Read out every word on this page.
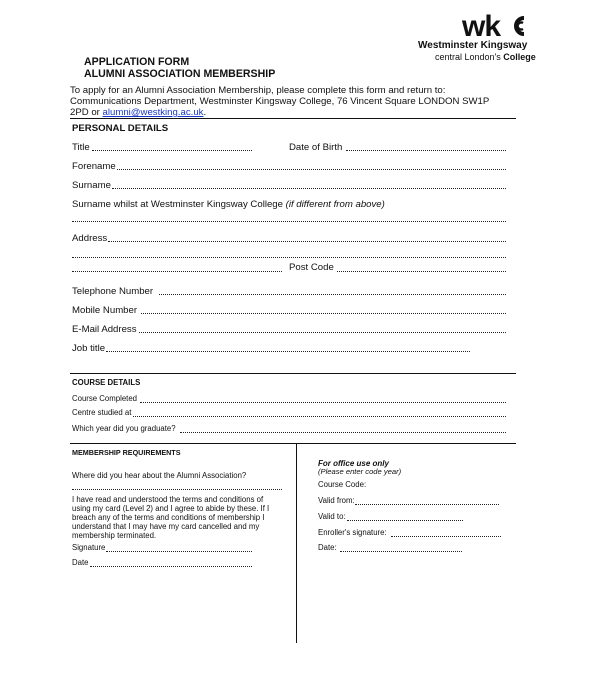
wk
Westminster Kingsway
central London's College
APPLICATION FORM
ALUMNI ASSOCIATION MEMBERSHIP
To apply for an Alumni Association Membership, please complete this form and return to:
Communications Department, Westminster Kingsway College, 76 Vincent Square LONDON SW1P
2PD or alumni@westking.ac.uk.
PERSONAL DETAILS
Title	Date of Birth
Forename
Surname
Surname whilst at Westminster Kingsway College (if different from above)
Address
Post Code
Telephone Number
Mobile Number
E-Mail Address
Job title
COURSE DETAILS
Course Completed
Centre studied at
Which year did you graduate?
MEMBERSHIP REQUIREMENTS
Where did you hear about the Alumni Association?
I have read and understood the terms and conditions of
using my card (Level 2) and I agree to abide by these. If I
breach any of the terms and conditions of membership I
understand that I may have my card cancelled and my
membership terminated.
Signature
Date
For office use only
(Please enter code year)
Course Code:
Valid from:
Valid to:
Enroller's signature:
Date:
